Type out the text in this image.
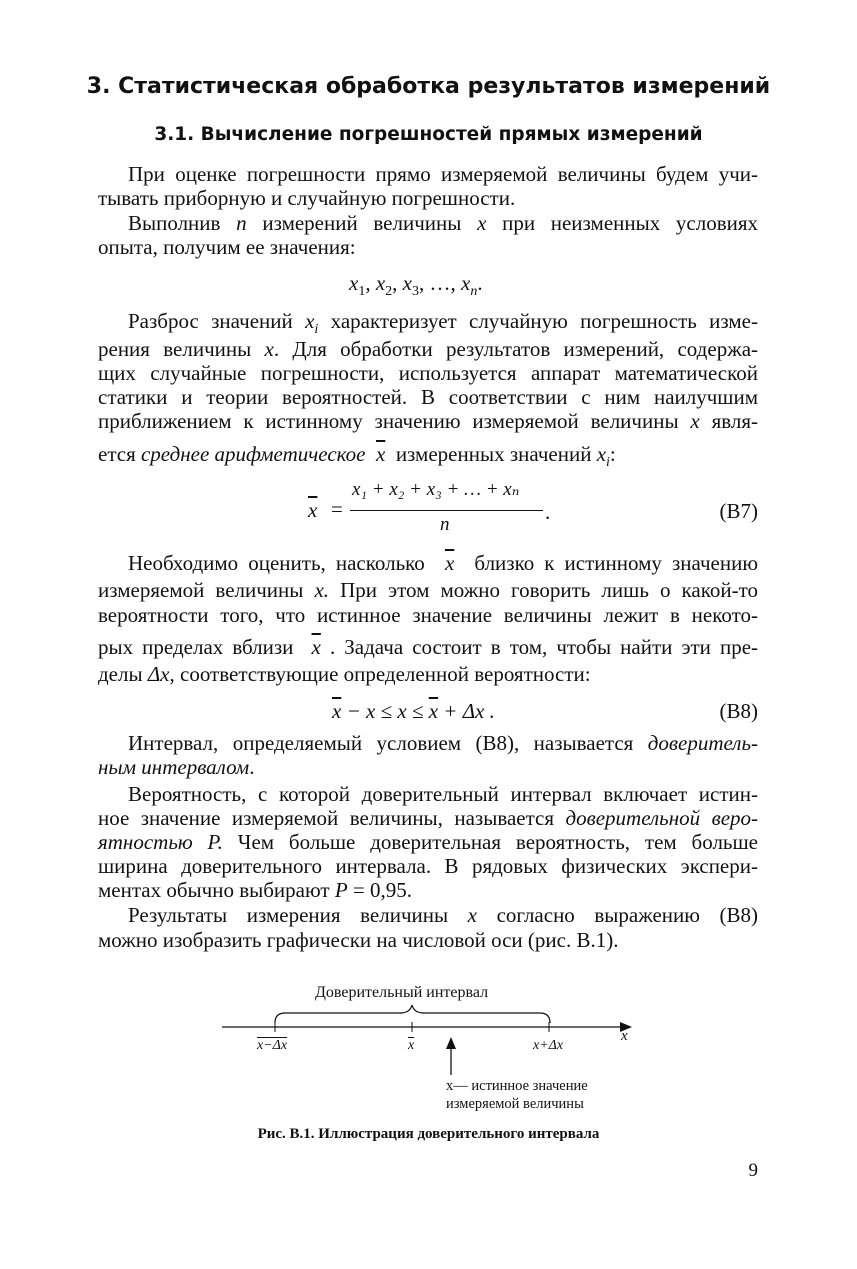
3. Статистическая обработка результатов измерений
3.1. Вычисление погрешностей прямых измерений
При оценке погрешности прямо измеряемой величины будем учи-
тывать приборную и случайную погрешности.
Выполнив n измерений величины x при неизменных условиях
опыта, получим ее значения:
$x_1$, $x_2$, $x_3$, …, $x_n$.
Разброс значений $x_i$ характеризует случайную погрешность изме-
рения величины x. Для обработки результатов измерений, содержа-
щих случайные погрешности, используется аппарат математической
статики и теории вероятностей. В соответствии с ним наилучшим
приближением к истинному значению измеряемой величины x явля-
ется среднее арифметическое $\overline{x}$ измеренных значений $x_i$:
$\overline{x}$ =
x₁ + x₂ + x₃ + … + xₙ
n
.	(В7)
Необходимо оценить, насколько $\overline{x}$ близко к истинному значению
измеряемой величины x. При этом можно говорить лишь о какой-то
вероятности того, что истинное значение величины лежит в некото-
рых пределах вблизи $\overline{x}$ . Задача состоит в том, чтобы найти эти пре-
делы Δx, соответствующие определенной вероятности:
$\overline{x} - x \le x \le \overline{x} + \Delta x$ .	(В8)
Интервал, определяемый условием (В8), называется доверитель-
ным интервалом.
Вероятность, с которой доверительный интервал включает истин-
ное значение измеряемой величины, называется доверительной веро-
ятностью P. Чем больше доверительная вероятность, тем больше
ширина доверительного интервала. В рядовых физических экспери-
ментах обычно выбирают P = 0,95.
Результаты измерения величины x согласно выражению (В8)
можно изобразить графически на числовой оси (рис. В.1).
Доверительный интервал
x
x−Δx	$\overline{x}$	x+Δx
x— истинное значение
измеряемой величины
Рис. В.1. Иллюстрация доверительного интервала
9
